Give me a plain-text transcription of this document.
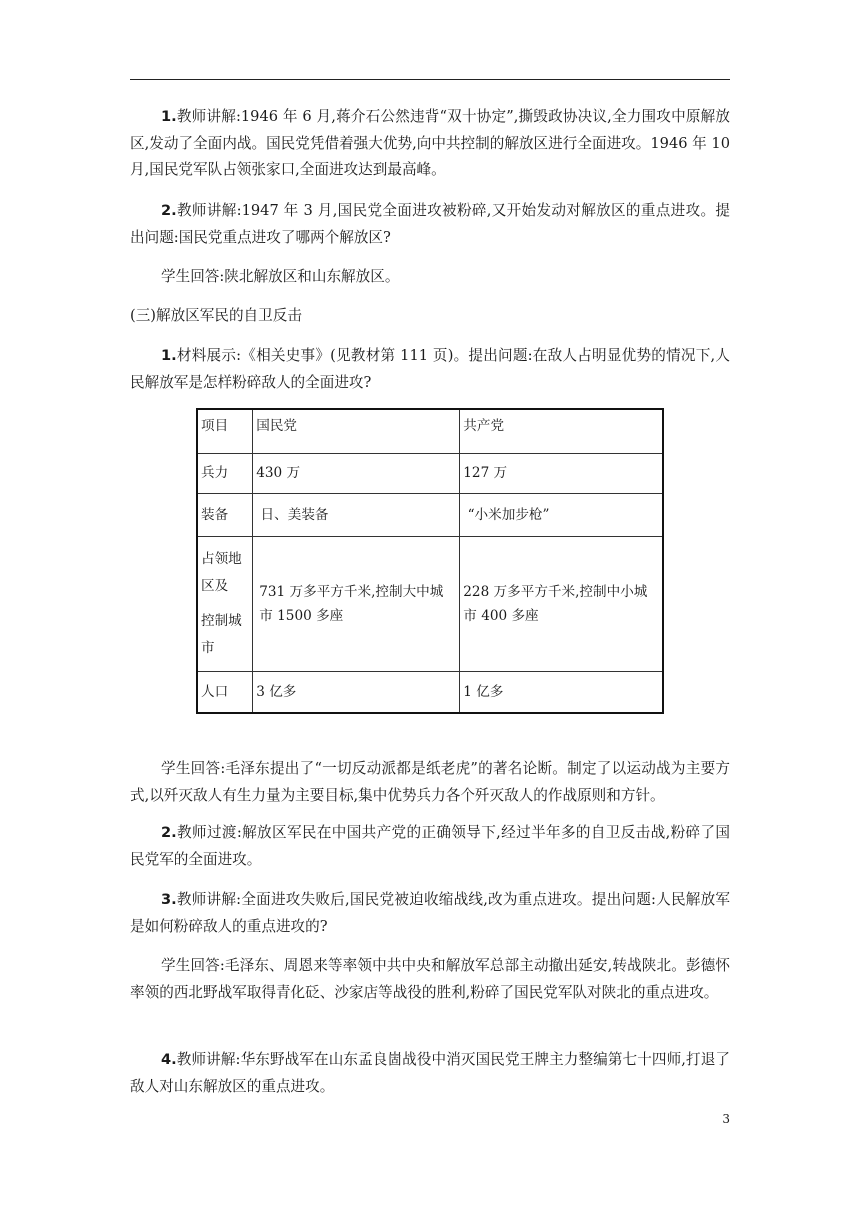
1.教师讲解:1946 年 6 月,蒋介石公然违背“双十协定”,撕毁政协决议,全力围攻中原解放区,发动了全面内战。国民党凭借着强大优势,向中共控制的解放区进行全面进攻。1946 年 10 月,国民党军队占领张家口,全面进攻达到最高峰。

2.教师讲解:1947 年 3 月,国民党全面进攻被粉碎,又开始发动对解放区的重点进攻。提出问题:国民党重点进攻了哪两个解放区?

学生回答:陕北解放区和山东解放区。

(三)解放区军民的自卫反击

1.材料展示:《相关史事》(见教材第 111 页)。提出问题:在敌人占明显优势的情况下,人民解放军是怎样粉碎敌人的全面进攻?

项目	国民党	共产党
兵力	430 万	127 万
装备	日、美装备	“小米加步枪”

占领地
区及
控制城
市	731 万多平方千米,控制大中城市 1500 多座	228 万多平方千米,控制中小城市 400 多座
人口	3 亿多	1 亿多

学生回答:毛泽东提出了“一切反动派都是纸老虎”的著名论断。制定了以运动战为主要方式,以歼灭敌人有生力量为主要目标,集中优势兵力各个歼灭敌人的作战原则和方针。

2.教师过渡:解放区军民在中国共产党的正确领导下,经过半年多的自卫反击战,粉碎了国民党军的全面进攻。

3.教师讲解:全面进攻失败后,国民党被迫收缩战线,改为重点进攻。提出问题:人民解放军是如何粉碎敌人的重点进攻的?

学生回答:毛泽东、周恩来等率领中共中央和解放军总部主动撤出延安,转战陕北。彭德怀率领的西北野战军取得青化砭、沙家店等战役的胜利,粉碎了国民党军队对陕北的重点进攻。

4.教师讲解:华东野战军在山东孟良崮战役中消灭国民党王牌主力整编第七十四师,打退了敌人对山东解放区的重点进攻。

3
